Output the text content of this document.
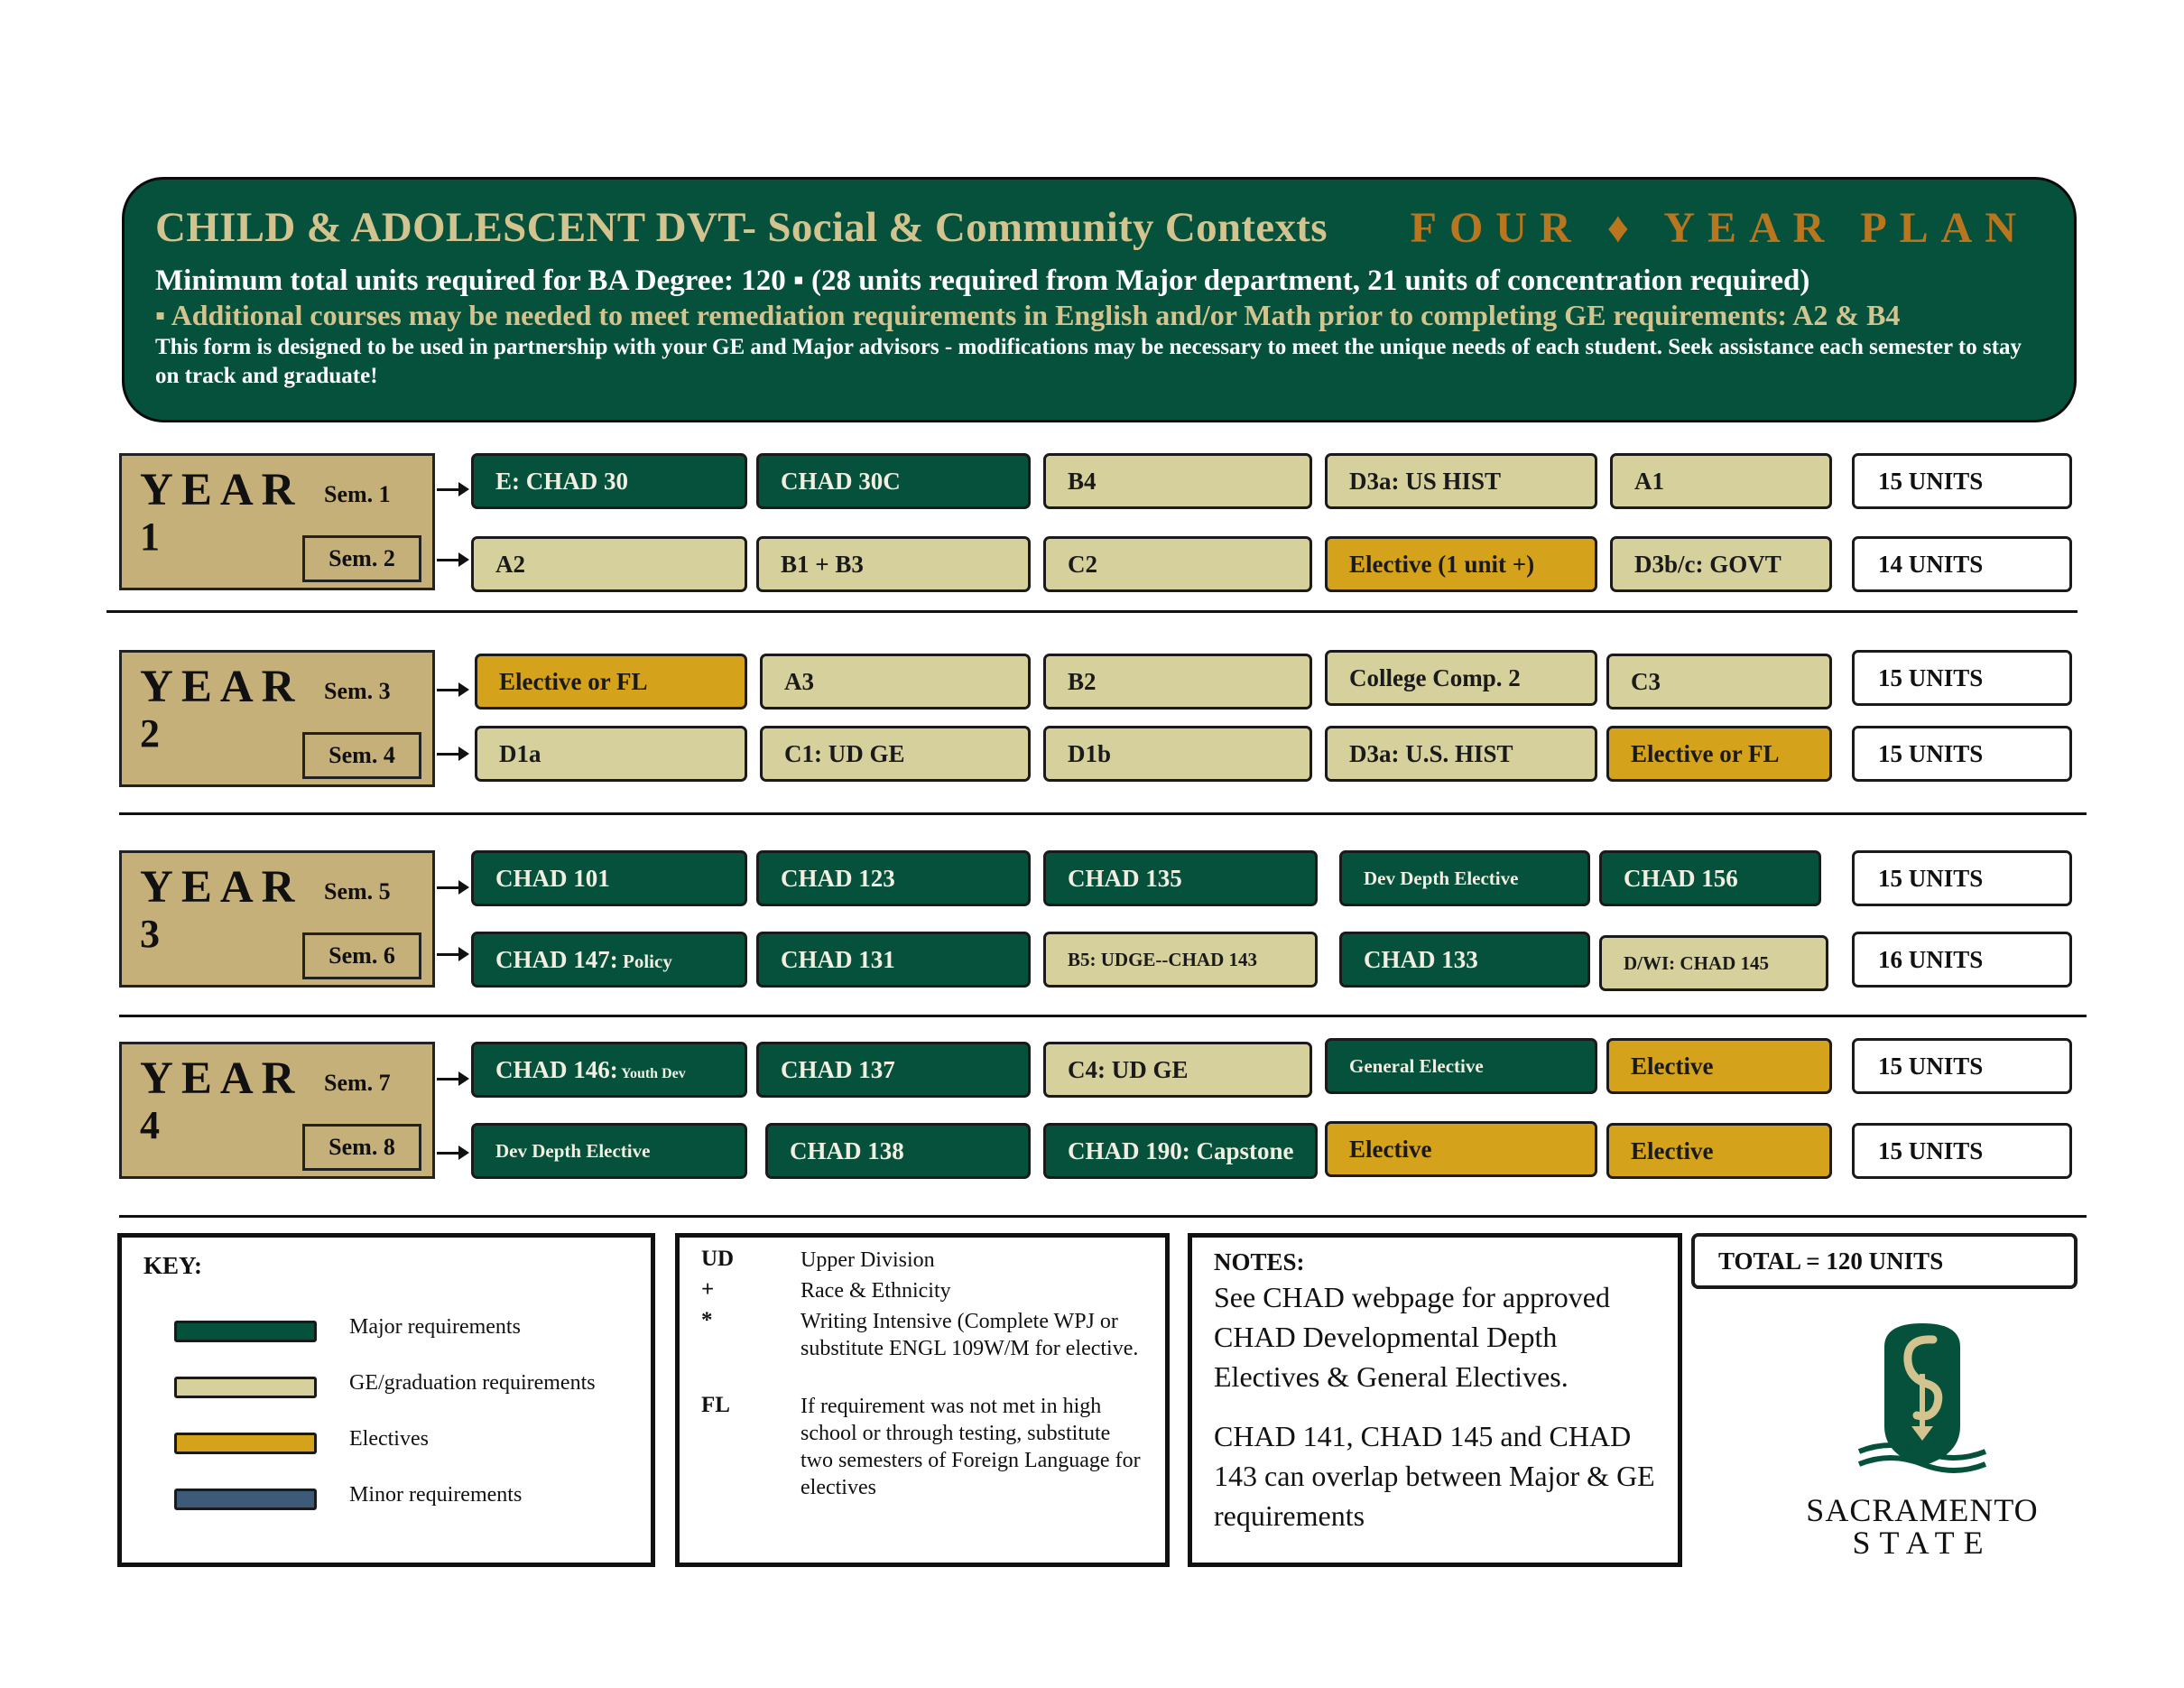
CHILD & ADOLESCENT DVT- Social & Community Contexts FOUR ♦ YEAR PLAN
Minimum total units required for BA Degree: 120 ▪ (28 units required from Major department, 21 units of concentration required)
▪ Additional courses may be needed to meet remediation requirements in English and/or Math prior to completing GE requirements: A2 & B4
This form is designed to be used in partnership with your GE and Major advisors - modifications may be necessary to meet the unique needs of each student. Seek assistance each semester to stay on track and graduate!
YEAR
1
Sem. 1
Sem. 2
E: CHAD 30	CHAD 30C	B4	D3a: US HIST	A1	15 UNITS
A2	B1 + B3	C2	Elective (1 unit +)	D3b/c: GOVT	14 UNITS
YEAR
2
Sem. 3
Sem. 4
Elective or FL	A3	B2	College Comp. 2	C3	15 UNITS
D1a	C1: UD GE	D1b	D3a: U.S. HIST	Elective or FL	15 UNITS
YEAR
3
Sem. 5
Sem. 6
CHAD 101	CHAD 123	CHAD 135	Dev Depth Elective	CHAD 156	15 UNITS
CHAD 147: Policy	CHAD 131	B5: UDGE--CHAD 143	CHAD 133	D/WI: CHAD 145	16 UNITS
YEAR
4
Sem. 7
Sem. 8
CHAD 146: Youth Dev	CHAD 137	C4: UD GE	General Elective	Elective	15 UNITS
Dev Depth Elective	CHAD 138	CHAD 190: Capstone	Elective	Elective	15 UNITS
KEY:
Major requirements
GE/graduation requirements
Electives
Minor requirements
UD	Upper Division
+	Race & Ethnicity
*	Writing Intensive (Complete WPJ or substitute ENGL 109W/M for elective.
FL	If requirement was not met in high school or through testing, substitute two semesters of Foreign Language for electives
NOTES:
See CHAD webpage for approved CHAD Developmental Depth Electives & General Electives.
CHAD 141, CHAD 145 and CHAD 143 can overlap between Major & GE requirements
TOTAL = 120 UNITS
SACRAMENTO
STATE
